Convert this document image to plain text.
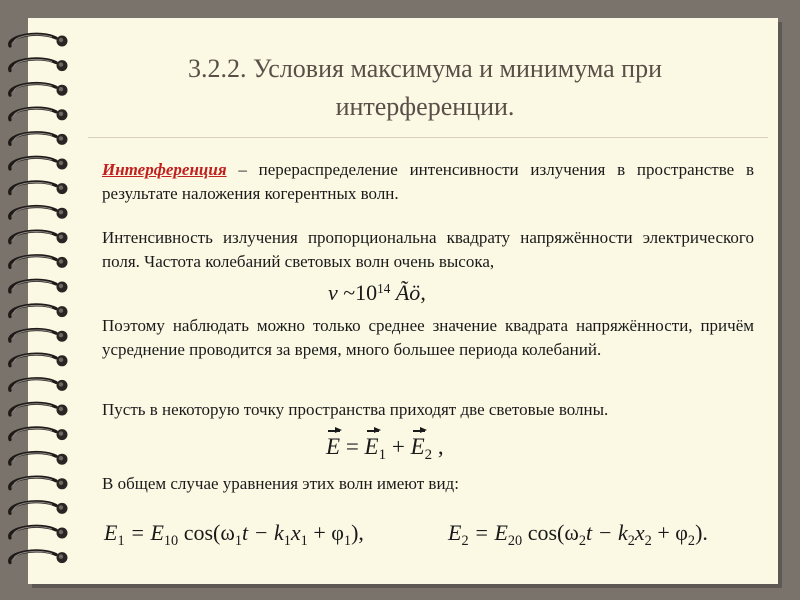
3.2.2. Условия максимума и минимума при
интерференции.
Интерференция – перераспределение интенсивности излучения в пространстве в результате наложения когерентных волн.
Интенсивность излучения пропорциональна квадрату напряжённости электрического поля. Частота колебаний световых волн очень высока,
ν $\sim 10^{14}$ Ãö,
Поэтому наблюдать можно только среднее значение квадрата напряжённости, причём усреднение проводится за время, много большее периода колебаний.
Пусть в некоторую точку пространства приходят две световые волны.
$E = E_1 + E_2$ ,
В общем случае уравнения этих волн имеют вид:
$E_1 = E_{10}$ $\cos(\omega_1t - k_1x_1 + \varphi_1)$,	$E_2 = E_{20}$ $\cos(\omega_2t - k_2x_2 + \varphi_2)$.
